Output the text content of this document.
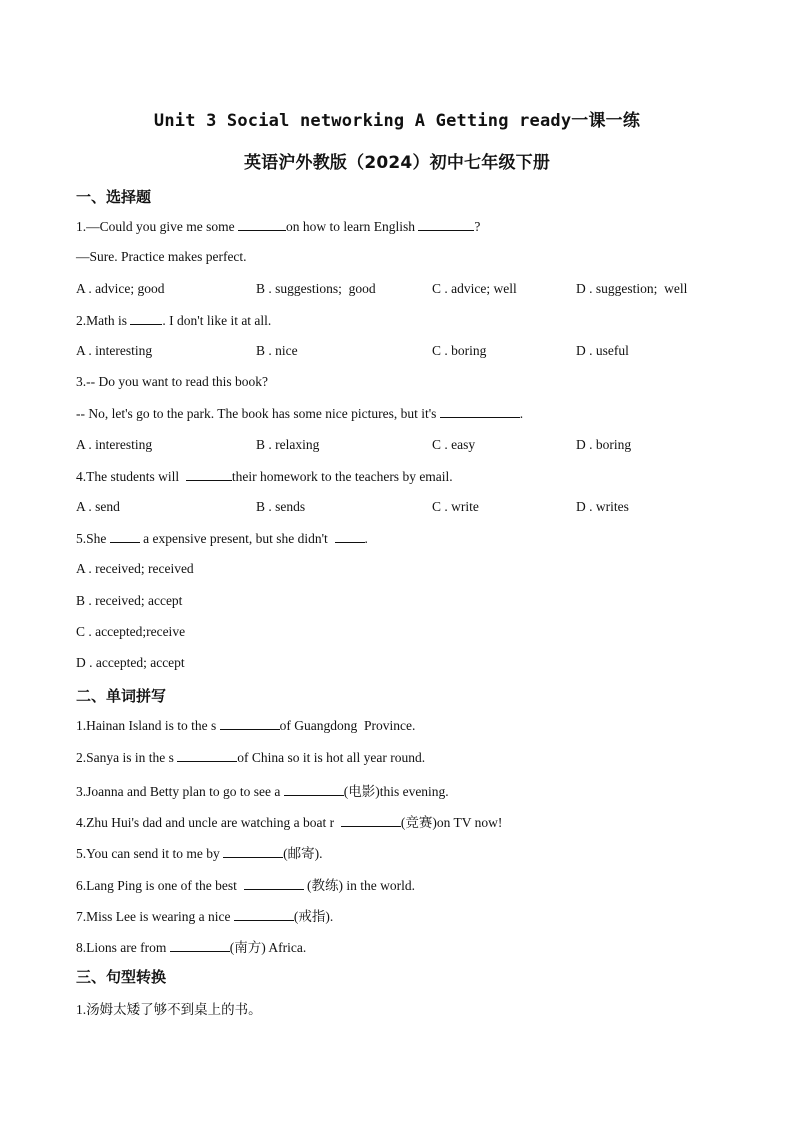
Unit 3 Social networking A Getting ready一课一练
英语沪外教版（2024）初中七年级下册
一、选择题
1.—Could you give me some	on how to learn English	?
—Sure. Practice makes perfect.
A . advice; good	B . suggestions;  good	C . advice; well	D . suggestion;  well
2.Math is . I don't like it at all.
A . interesting	B . nice	C . boring	D . useful
3.-- Do you want to read this book?
-- No, let's go to the park. The book has some nice pictures, but it's	.
A . interesting	B . relaxing	C . easy	D . boring
4.The students will	their homework to the teachers by email.
A . send	B . sends	C . write	D . writes
5.She  a expensive present, but she didn't  .
A . received; received
B . received; accept
C . accepted;receive
D . accepted; accept
二、单词拼写
1.Hainan Island is to the s	of Guangdong  Province.
2.Sanya is in the s	of China so it is hot all year round.
3.Joanna and Betty plan to go to see a	(电影)this evening.
4.Zhu Hui's dad and uncle are watching a boat r	(竞赛)on TV now!
5.You can send it to me by	(邮寄).
6.Lang Ping is one of the best	(教练) in the world.
7.Miss Lee is wearing a nice	(戒指).
8.Lions are from	(南方) Africa.
三、句型转换
1.汤姆太矮了够不到桌上的书。
